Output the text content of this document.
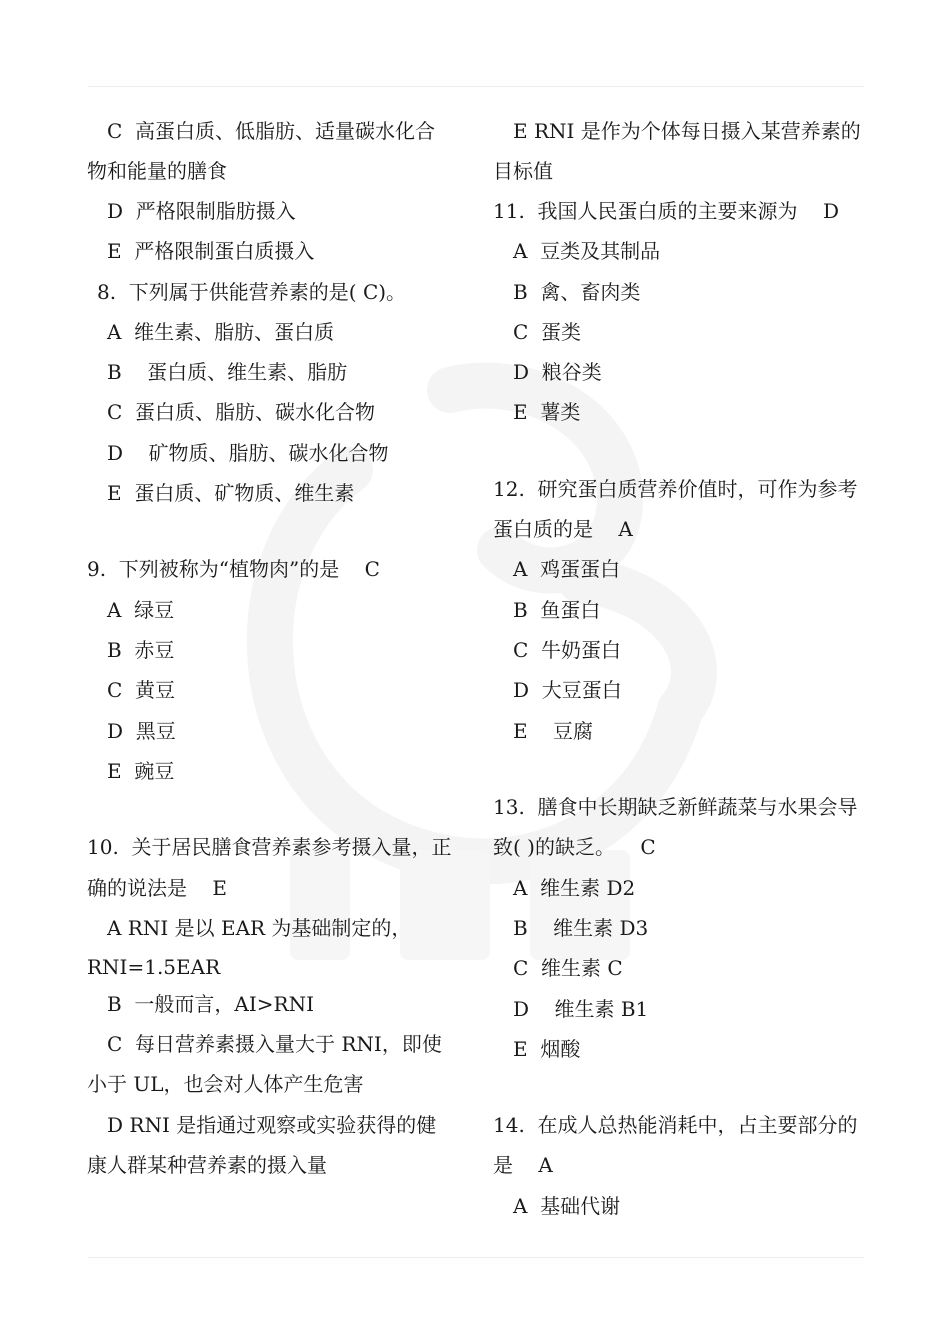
C  高蛋白质、低脂肪、适量碳水化合
物和能量的膳食
D  严格限制脂肪摄入
E  严格限制蛋白质摄入
8.  下列属于供能营养素的是( C)。
A  维生素、脂肪、蛋白质
B    蛋白质、维生素、脂肪
C  蛋白质、脂肪、碳水化合物
D    矿物质、脂肪、碳水化合物
E  蛋白质、矿物质、维生素
9.  下列被称为“植物肉”的是    C
A  绿豆
B  赤豆
C  黄豆
D  黑豆
E  豌豆
10.  关于居民膳食营养素参考摄入量，正
确的说法是    E
A RNI 是以 EAR 为基础制定的，
RNI=1.5EAR
B  一般而言，AI>RNI
C  每日营养素摄入量大于 RNI，即使
小于 UL，也会对人体产生危害
D RNI 是指通过观察或实验获得的健
康人群某种营养素的摄入量
E RNI 是作为个体每日摄入某营养素的
目标值
11.  我国人民蛋白质的主要来源为    D
A  豆类及其制品
B  禽、畜肉类
C  蛋类
D  粮谷类
E  薯类
12.  研究蛋白质营养价值时，可作为参考
蛋白质的是    A
A  鸡蛋蛋白
B  鱼蛋白
C  牛奶蛋白
D  大豆蛋白
E    豆腐
13.  膳食中长期缺乏新鲜蔬菜与水果会导
致( )的缺乏。    C
A  维生素 D2
B    维生素 D3
C  维生素 C
D    维生素 B1
E  烟酸
14.  在成人总热能消耗中，占主要部分的
是    A
A  基础代谢
